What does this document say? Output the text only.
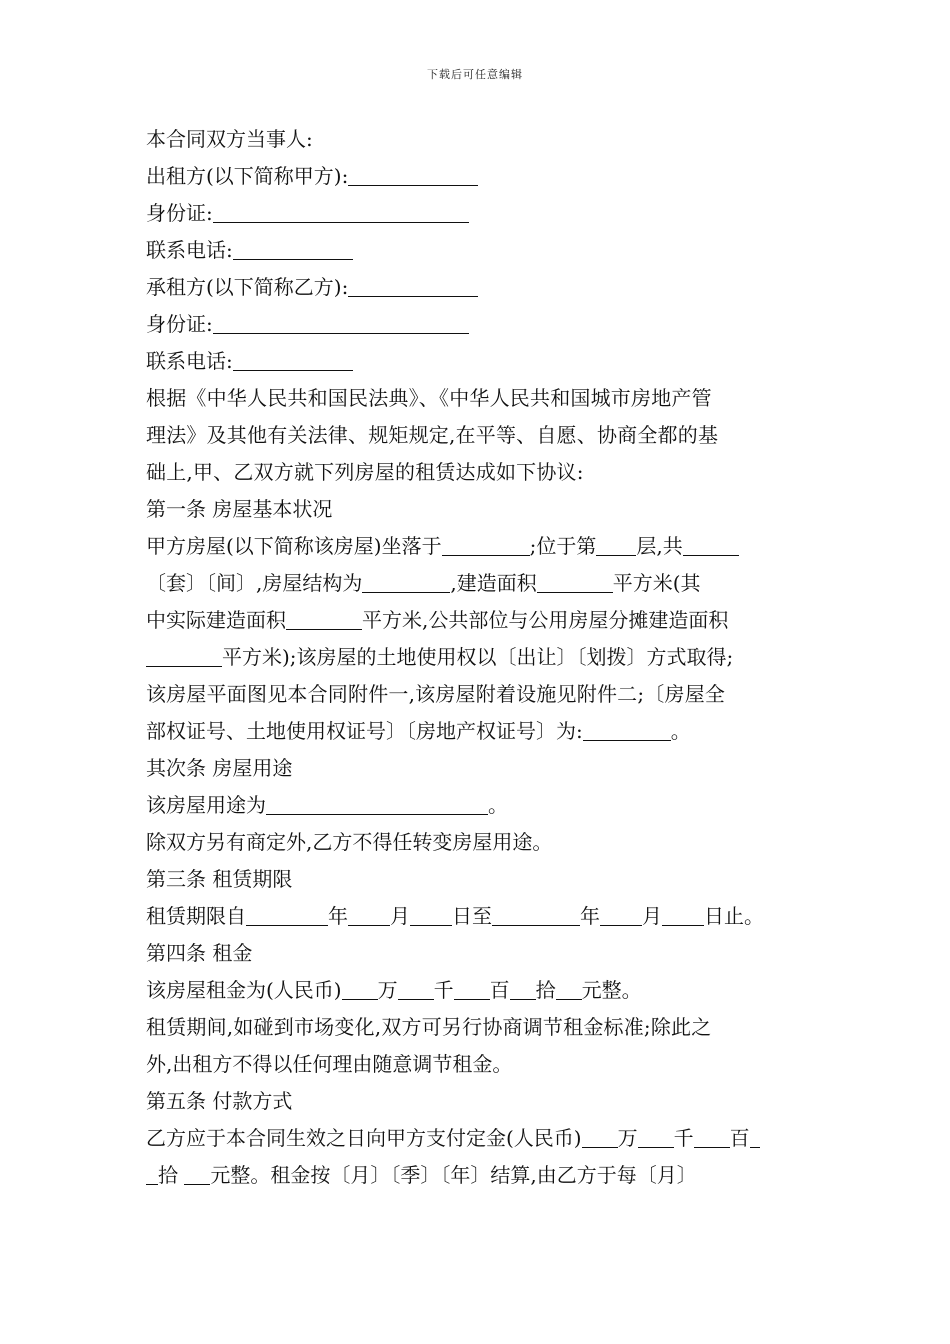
下载后可任意编辑
本合同双方当事人:
出租方(以下简称甲方):
身份证:
联系电话:
承租方(以下简称乙方):
身份证:
联系电话:
根据《中华人民共和国民法典》、《中华人民共和国城市房地产管
理法》及其他有关法律、规矩规定,在平等、自愿、协商全都的基
础上,甲、乙双方就下列房屋的租赁达成如下协议:
第一条 房屋基本状况
甲方房屋(以下简称该房屋)坐落于	;位于第 层,共
〔套〕〔间〕,房屋结构为	,建造面积	平方米(其
中实际建造面积	平方米,公共部位与公用房屋分摊建造面积
平方米);该房屋的土地使用权以〔出让〕〔划拨〕方式取得;
该房屋平面图见本合同附件一,该房屋附着设施见附件二;〔房屋全
部权证号、土地使用权证号〕〔房地产权证号〕为:	。
其次条 房屋用途
该房屋用途为	。
除双方另有商定外,乙方不得任转变房屋用途。
第三条 租赁期限
租赁期限自	年 月 日至	年 月 日止。
第四条 租金
该房屋租金为(人民币) 万 千 百 拾 元整。
租赁期间,如碰到市场变化,双方可另行协商调节租金标准;除此之
外,出租方不得以任何理由随意调节租金。
第五条 付款方式
乙方应于本合同生效之日向甲方支付定金(人民币) 万 千 百
拾 元整。租金按〔月〕〔季〕〔年〕结算,由乙方于每〔月〕
